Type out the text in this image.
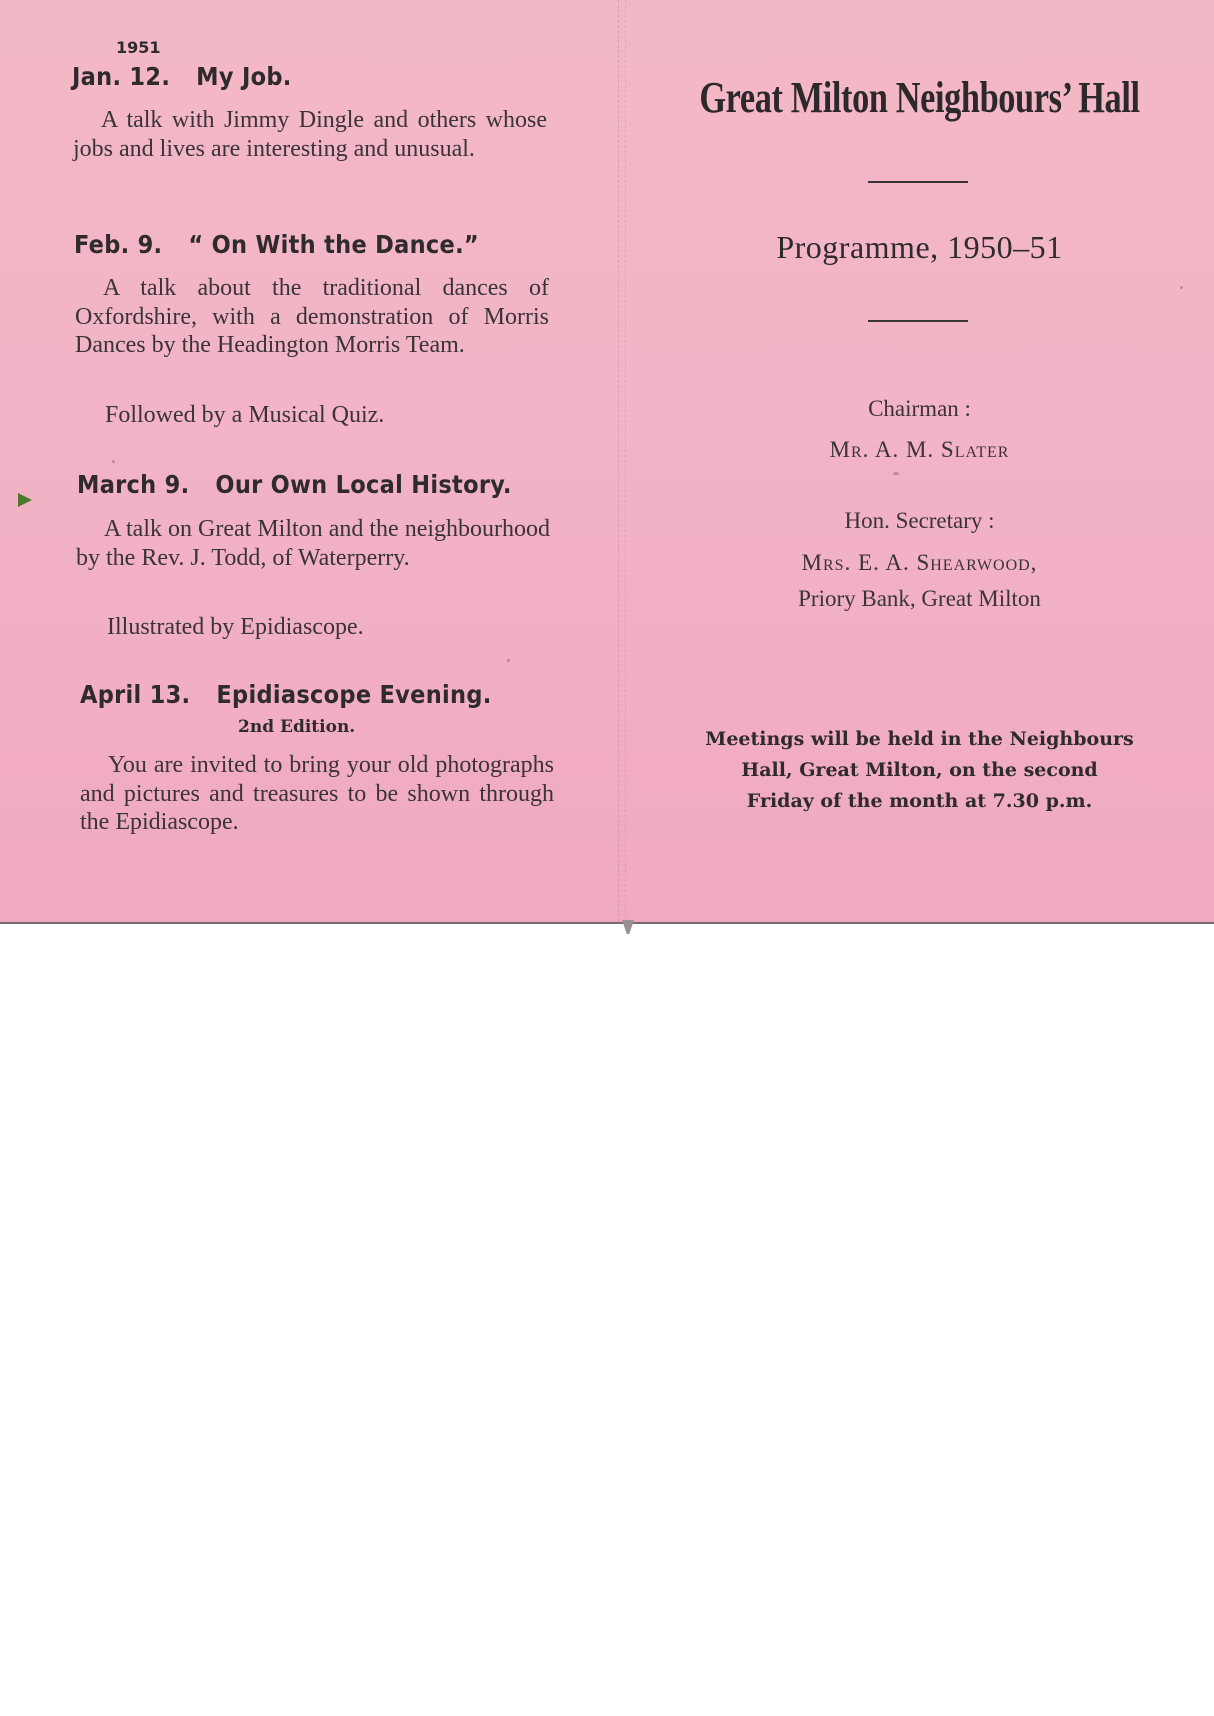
1951
Jan. 12. My Job.
A talk with Jimmy Dingle and others whose jobs and lives are interesting and unusual.
Feb. 9. “ On With the Dance.”
A talk about the traditional dances of Oxfordshire, with a demonstration of Morris Dances by the Headington Morris Team.
Followed by a Musical Quiz.
March 9. Our Own Local History.
A talk on Great Milton and the neighbourhood by the Rev. J. Todd, of Waterperry.
Illustrated by Epidiascope.
April 13. Epidiascope Evening.
2nd Edition.
You are invited to bring your old photographs and pictures and treasures to be shown through the Epidiascope.
Great Milton Neighbours’ Hall
Programme, 1950–51
Chairman :
Mr. A. M. Slater
Hon. Secretary :
Mrs. E. A. Shearwood,
Priory Bank, Great Milton
Meetings will be held in the Neighbours
Hall, Great Milton, on the second
Friday of the month at 7.30 p.m.
